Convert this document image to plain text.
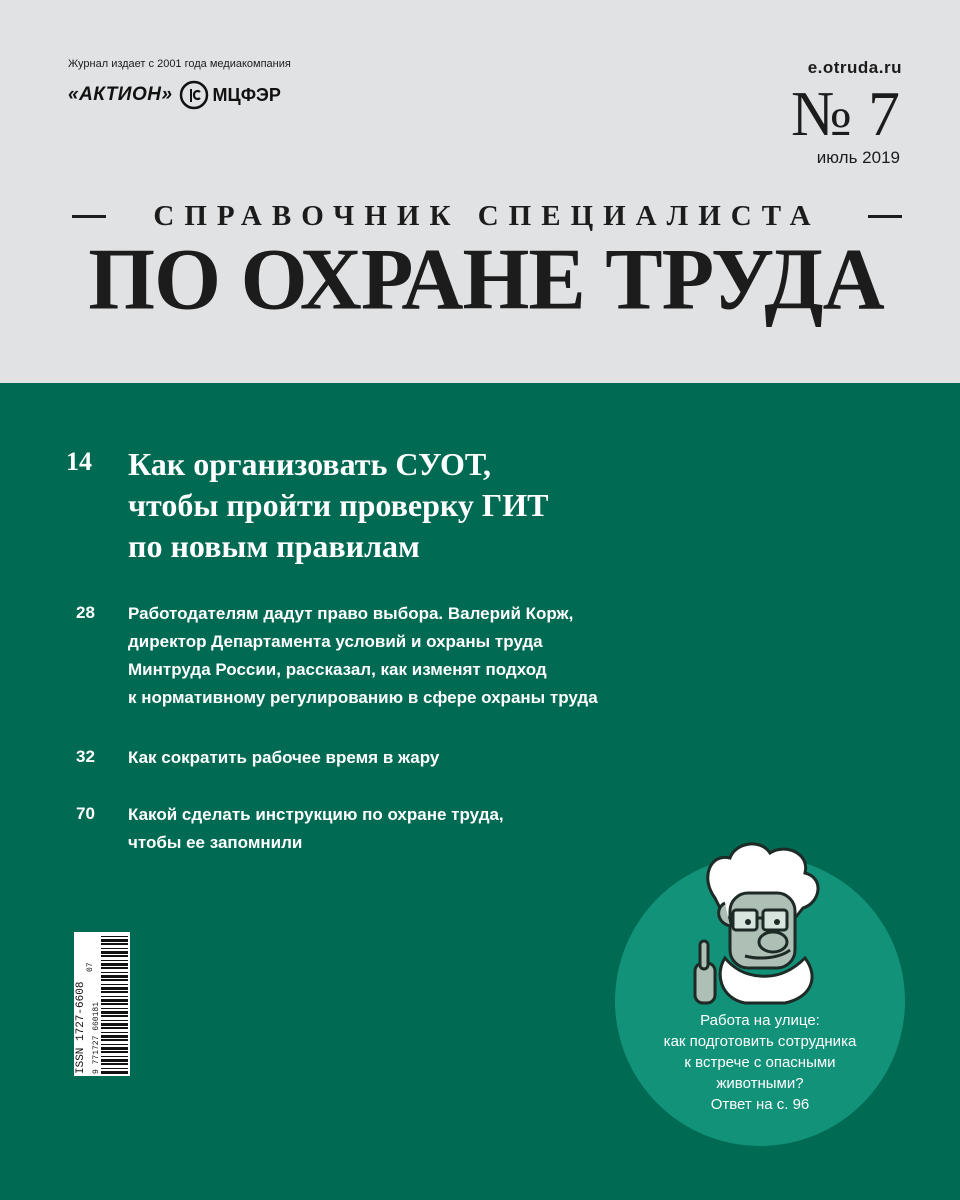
Журнал издает с 2001 года медиакомпания
«АКТИОН» МЦФЭР
e.otruda.ru
№ 7
июль 2019
СПРАВОЧНИК СПЕЦИАЛИСТА
ПО ОХРАНЕ ТРУДА
14 Как организовать СУОТ,
чтобы пройти проверку ГИТ
по новым правилам
28 Работодателям дадут право выбора. Валерий Корж,
директор Департамента условий и охраны труда
Минтруда России, рассказал, как изменят подход
к нормативному регулированию в сфере охраны труда
32 Как сократить рабочее время в жару
70 Какой сделать инструкцию по охране труда,
чтобы ее запомнили
ISSN 1727-6608
07
9 771727 660181	Работа на улице:
как подготовить сотрудника
к встрече с опасными
животными?
Ответ на с. 96
